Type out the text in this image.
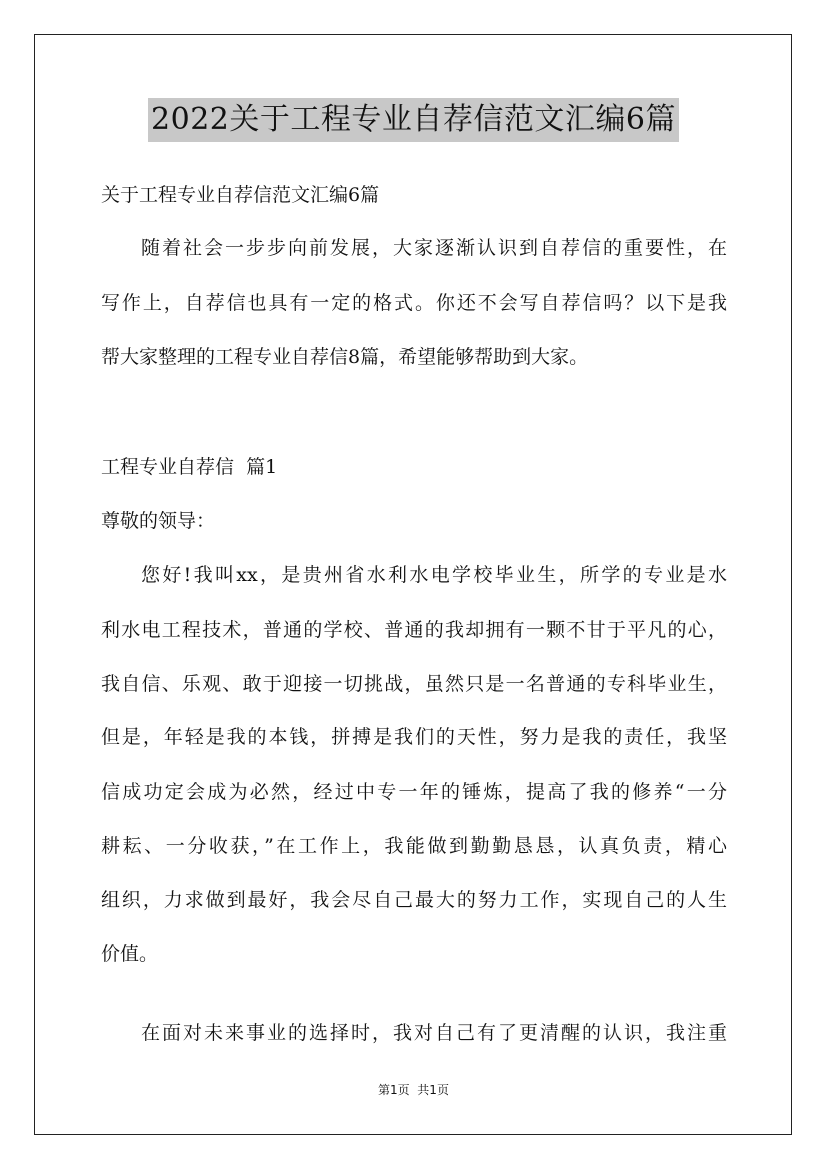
2022关于工程专业自荐信范文汇编6篇
关于工程专业自荐信范文汇编6篇
随着社会一步步向前发展，大家逐渐认识到自荐信的重要性，在
写作上，自荐信也具有一定的格式。你还不会写自荐信吗？以下是我
帮大家整理的工程专业自荐信8篇，希望能够帮助到大家。
工程专业自荐信  篇1
尊敬的领导：
您好!我叫xx，是贵州省水利水电学校毕业生，所学的专业是水
利水电工程技术，普通的学校、普通的我却拥有一颗不甘于平凡的心，
我自信、乐观、敢于迎接一切挑战，虽然只是一名普通的专科毕业生，
但是，年轻是我的本钱，拼搏是我们的天性，努力是我的责任，我坚
信成功定会成为必然，经过中专一年的锤炼，提高了我的修养“一分
耕耘、一分收获，”在工作上，我能做到勤勤恳恳，认真负责，精心
组织，力求做到最好，我会尽自己最大的努力工作，实现自己的人生
价值。
在面对未来事业的选择时，我对自己有了更清醒的认识，我注重
第1页  共1页
